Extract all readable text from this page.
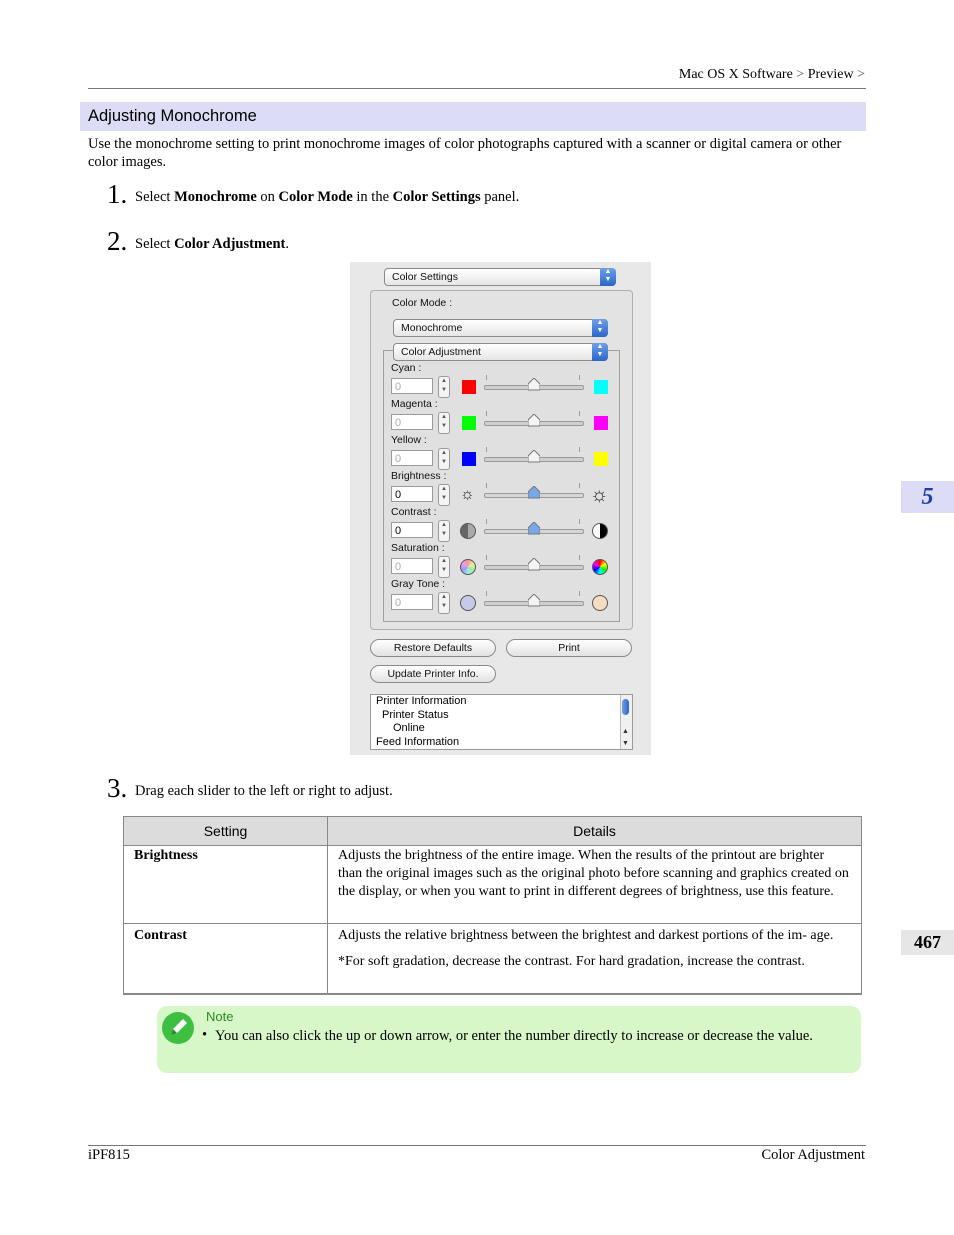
Mac OS X Software > Preview >
Adjusting Monochrome
Use the monochrome setting to print monochrome images of color photographs captured with a scanner or digital camera or other color images.
1. Select Monochrome on Color Mode in the Color Settings panel.
2. Select Color Adjustment.
Color Settings	▲
▼
Color Mode :
Monochrome	▲
▼
Color Adjustment	▲
▼
Restore Defaults	Print
Update Printer Info.
Printer Information
Printer Status
Online
Feed Information
▲
▼
Cyan :
0	▲
▼
Magenta :
0	▲
▼
Yellow :
0	▲
▼
Brightness :
0	▲
▼ ☼	☼
Contrast :
0	▲
▼
Saturation :
0	▲
▼
Gray Tone :
0	▲
▼
3. Drag each slider to the left or right to adjust.
Setting	Details
Brightness	Adjusts the brightness of the entire image. When the results of the printout are brighter than the original images such as the original photo before scanning and graphics created on the display, or when you want to print in different degrees of brightness, use this feature.

Contrast	Adjusts the relative brightness between the brightest and darkest portions of the im- age.
*For soft gradation, decrease the contrast. For hard gradation, increase the contrast.
Note
• You can also click the up or down arrow, or enter the number directly to increase or decrease the value.
5
467
iPF815	Color Adjustment
